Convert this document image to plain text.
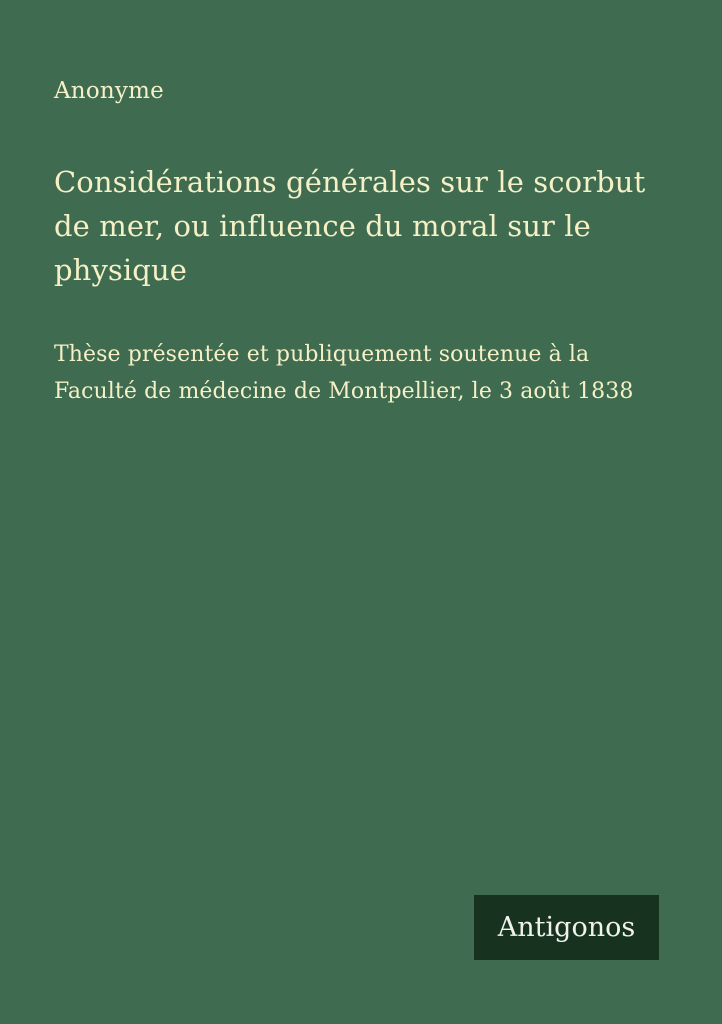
Anonyme
Considérations générales sur le scorbut de mer, ou influence du moral sur le physique
Thèse présentée et publiquement soutenue à la Faculté de médecine de Montpellier, le 3 août 1838
Antigonos
